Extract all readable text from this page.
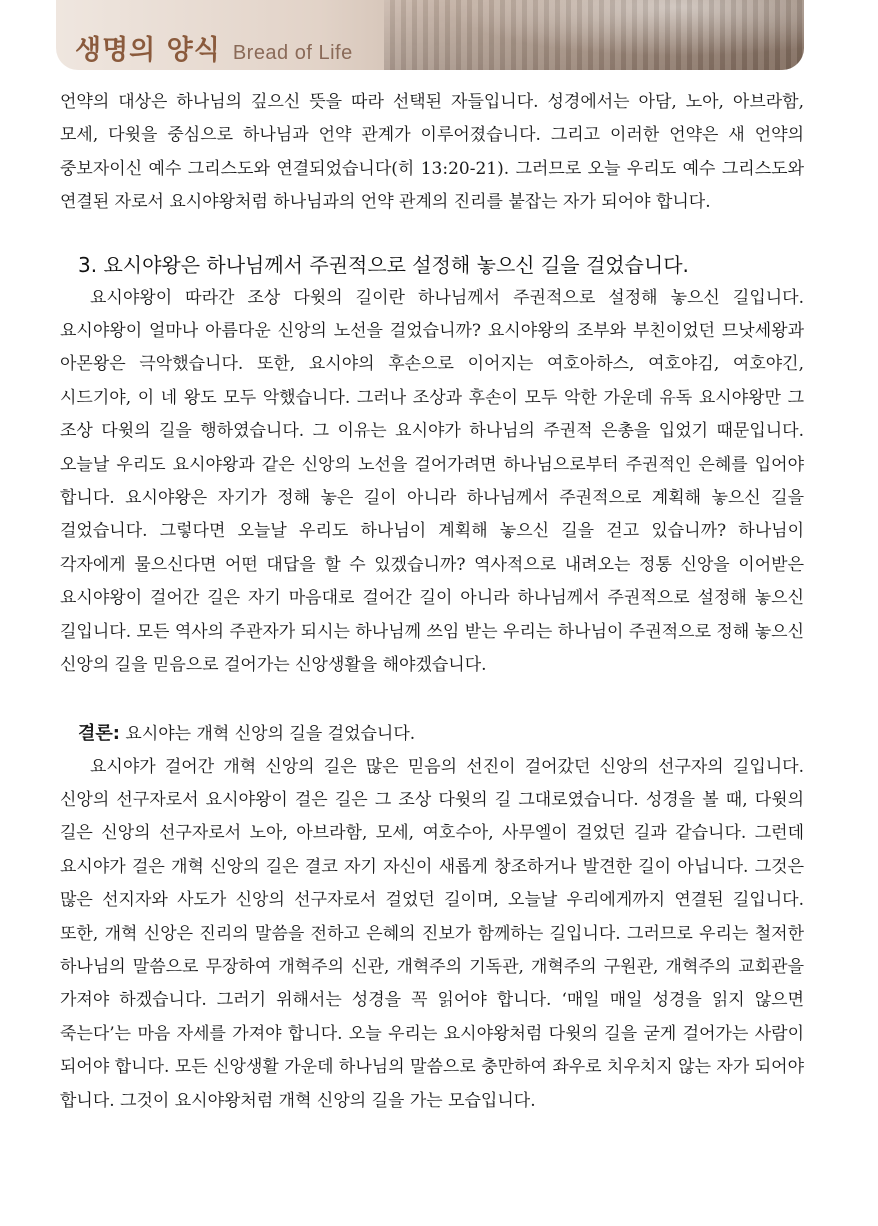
생명의 양식 Bread of Life

언약의 대상은 하나님의 깊으신 뜻을 따라 선택된 자들입니다. 성경에서는 아담, 노아, 아브라함, 모세, 다윗을 중심으로 하나님과 언약 관계가 이루어졌습니다. 그리고 이러한 언약은 새 언약의 중보자이신 예수 그리스도와 연결되었습니다(히 13:20-21). 그러므로 오늘 우리도 예수 그리스도와 연결된 자로서 요시야왕처럼 하나님과의 언약 관계의 진리를 붙잡는 자가 되어야 합니다.

3. 요시야왕은 하나님께서 주권적으로 설정해 놓으신 길을 걸었습니다.

요시야왕이 따라간 조상 다윗의 길이란 하나님께서 주권적으로 설정해 놓으신 길입니다. 요시야왕이 얼마나 아름다운 신앙의 노선을 걸었습니까? 요시야왕의 조부와 부친이었던 므낫세왕과 아몬왕은 극악했습니다. 또한, 요시야의 후손으로 이어지는 여호아하스, 여호야김, 여호야긴, 시드기야, 이 네 왕도 모두 악했습니다. 그러나 조상과 후손이 모두 악한 가운데 유독 요시야왕만 그 조상 다윗의 길을 행하였습니다. 그 이유는 요시야가 하나님의 주권적 은총을 입었기 때문입니다. 오늘날 우리도 요시야왕과 같은 신앙의 노선을 걸어가려면 하나님으로부터 주권적인 은혜를 입어야 합니다. 요시야왕은 자기가 정해 놓은 길이 아니라 하나님께서 주권적으로 계획해 놓으신 길을 걸었습니다. 그렇다면 오늘날 우리도 하나님이 계획해 놓으신 길을 걷고 있습니까? 하나님이 각자에게 물으신다면 어떤 대답을 할 수 있겠습니까? 역사적으로 내려오는 정통 신앙을 이어받은 요시야왕이 걸어간 길은 자기 마음대로 걸어간 길이 아니라 하나님께서 주권적으로 설정해 놓으신 길입니다. 모든 역사의 주관자가 되시는 하나님께 쓰임 받는 우리는 하나님이 주권적으로 정해 놓으신 신앙의 길을 믿음으로 걸어가는 신앙생활을 해야겠습니다.

결론: 요시야는 개혁 신앙의 길을 걸었습니다.

요시야가 걸어간 개혁 신앙의 길은 많은 믿음의 선진이 걸어갔던 신앙의 선구자의 길입니다. 신앙의 선구자로서 요시야왕이 걸은 길은 그 조상 다윗의 길 그대로였습니다. 성경을 볼 때, 다윗의 길은 신앙의 선구자로서 노아, 아브라함, 모세, 여호수아, 사무엘이 걸었던 길과 같습니다. 그런데 요시야가 걸은 개혁 신앙의 길은 결코 자기 자신이 새롭게 창조하거나 발견한 길이 아닙니다. 그것은 많은 선지자와 사도가 신앙의 선구자로서 걸었던 길이며, 오늘날 우리에게까지 연결된 길입니다. 또한, 개혁 신앙은 진리의 말씀을 전하고 은혜의 진보가 함께하는 길입니다. 그러므로 우리는 철저한 하나님의 말씀으로 무장하여 개혁주의 신관, 개혁주의 기독관, 개혁주의 구원관, 개혁주의 교회관을 가져야 하겠습니다. 그러기 위해서는 성경을 꼭 읽어야 합니다. ‘매일 매일 성경을 읽지 않으면 죽는다’는 마음 자세를 가져야 합니다. 오늘 우리는 요시야왕처럼 다윗의 길을 굳게 걸어가는 사람이 되어야 합니다. 모든 신앙생활 가운데 하나님의 말씀으로 충만하여 좌우로 치우치지 않는 자가 되어야 합니다. 그것이 요시야왕처럼 개혁 신앙의 길을 가는 모습입니다.
